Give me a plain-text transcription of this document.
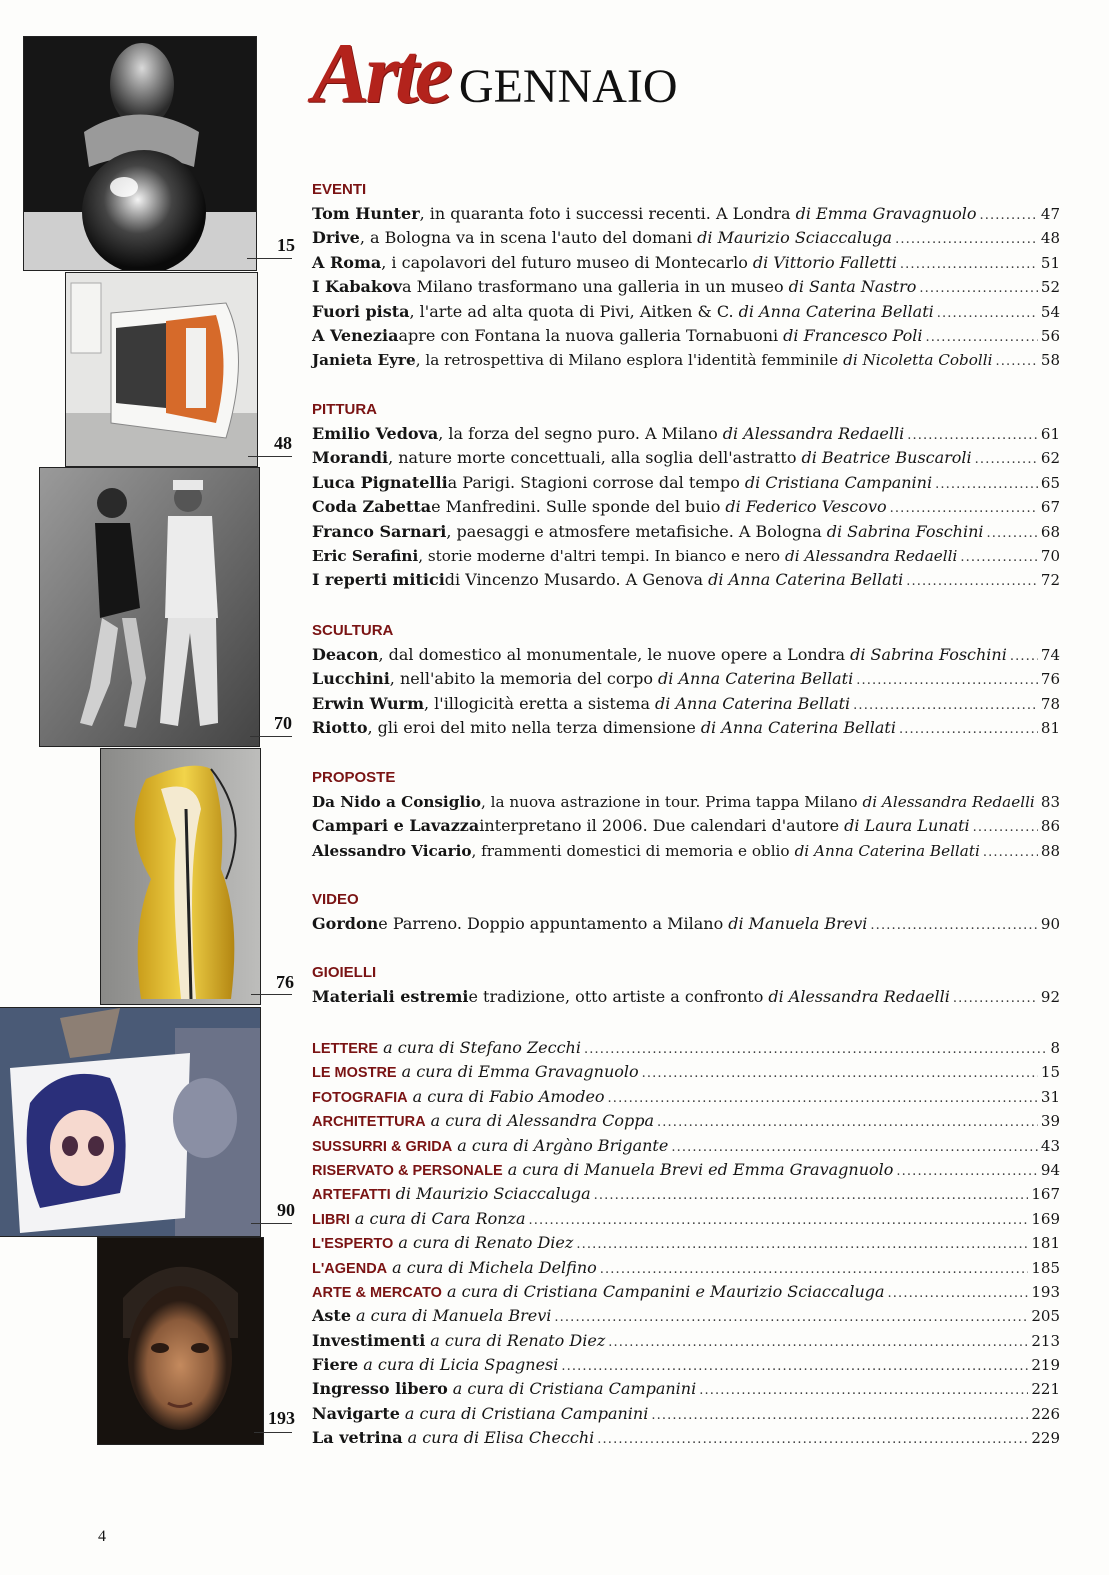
Arte GENNAIO
15
48
70
76
90
193
EVENTI
Tom Hunter , in quaranta foto i successi recenti. A Londra di Emma Gravagnuolo . . .	47
Drive , a Bologna va in scena l'auto del domani di Maurizio Sciaccaluga . . .	48
A Roma , i capolavori del futuro museo di Montecarlo di Vittorio Falletti . . .	51
I Kabakov a Milano trasformano una galleria in un museo di Santa Nastro . . .	52
Fuori pista , l'arte ad alta quota di Pivi, Aitken & C. di Anna Caterina Bellati . . .	54
A Venezia apre con Fontana la nuova galleria Tornabuoni di Francesco Poli . . .	56
Janieta Eyre , la retrospettiva di Milano esplora l'identità femminile di Nicoletta Cobolli . . .	58
PITTURA
Emilio Vedova , la forza del segno puro. A Milano di Alessandra Redaelli . . .	61
Morandi , nature morte concettuali, alla soglia dell'astratto di Beatrice Buscaroli . . .	62
Luca Pignatelli a Parigi. Stagioni corrose dal tempo di Cristiana Campanini . . .	65
Coda Zabetta e Manfredini. Sulle sponde del buio di Federico Vescovo . . .	67
Franco Sarnari , paesaggi e atmosfere metafisiche. A Bologna di Sabrina Foschini . . .	68
Eric Serafini , storie moderne d'altri tempi. In bianco e nero di Alessandra Redaelli . . .	70
I reperti mitici di Vincenzo Musardo. A Genova di Anna Caterina Bellati . . .	72
SCULTURA
Deacon , dal domestico al monumentale, le nuove opere a Londra di Sabrina Foschini . . . 74
Lucchini , nell'abito la memoria del corpo di Anna Caterina Bellati . . .	76
Erwin Wurm , l'illogicità eretta a sistema di Anna Caterina Bellati . . .	78
Riotto , gli eroi del mito nella terza dimensione di Anna Caterina Bellati . . .	81
PROPOSTE
Da Nido a Consiglio , la nuova astrazione in tour. Prima tappa Milano di Alessandra Redaelli . . . 83
Campari e Lavazza interpretano il 2006. Due calendari d'autore di Laura Lunati . . .	86
Alessandro Vicario , frammenti domestici di memoria e oblio di Anna Caterina Bellati . . .	88
VIDEO
Gordon e Parreno. Doppio appuntamento a Milano di Manuela Brevi . . .	90
GIOIELLI
Materiali estremi e tradizione, otto artiste a confronto di Alessandra Redaelli . . .	92
LETTERE a cura di Stefano Zecchi . . .	8
LE MOSTRE a cura di Emma Gravagnuolo . . .	15
FOTOGRAFIA a cura di Fabio Amodeo . . .	31
ARCHITETTURA a cura di Alessandra Coppa . . .	39
SUSSURRI & GRIDA a cura di Argàno Brigante . . .	43
RISERVATO & PERSONALE a cura di Manuela Brevi ed Emma Gravagnuolo . . .	94
ARTEFATTI di Maurizio Sciaccaluga . . .	167
LIBRI a cura di Cara Ronza . . .	169
L'ESPERTO a cura di Renato Diez . . .	181
L'AGENDA a cura di Michela Delfino . . .	185
ARTE & MERCATO a cura di Cristiana Campanini e Maurizio Sciaccaluga . . .	193
Aste a cura di Manuela Brevi . . .	205
Investimenti a cura di Renato Diez . . .	213
Fiere a cura di Licia Spagnesi . . .	219
Ingresso libero a cura di Cristiana Campanini . . .	221
Navigarte a cura di Cristiana Campanini . . .	226
La vetrina a cura di Elisa Checchi . . .	229
4
